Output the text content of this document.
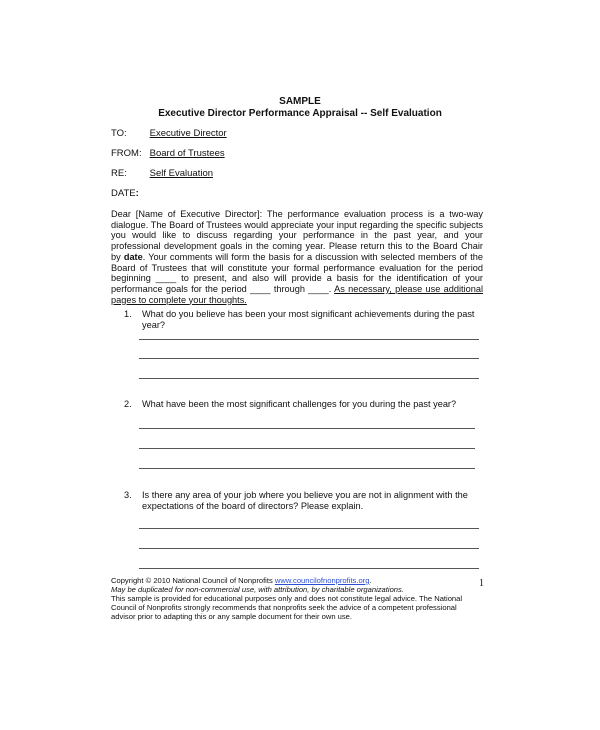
SAMPLE
Executive Director Performance Appraisal -- Self Evaluation
TO: Executive Director
FROM: Board of Trustees
RE: Self Evaluation
DATE:
Dear [Name of Executive Director]: The performance evaluation process is a two-way dialogue. The Board of Trustees would appreciate your input regarding the specific subjects you would like to discuss regarding your performance in the past year, and your professional development goals in the coming year. Please return this to the Board Chair by date. Your comments will form the basis for a discussion with selected members of the Board of Trustees that will constitute your formal performance evaluation for the period beginning ____ to present, and also will provide a basis for the identification of your performance goals for the period ____ through ____. As necessary, please use additional pages to complete your thoughts.
1. What do you believe has been your most significant achievements during the past year?
2. What have been the most significant challenges for you during the past year?
3. Is there any area of your job where you believe you are not in alignment with the expectations of the board of directors? Please explain.
Copyright © 2010 National Council of Nonprofits www.councilofnonprofits.org.
May be duplicated for non-commercial use, with attribution, by charitable organizations.
This sample is provided for educational purposes only and does not constitute legal advice. The National Council of Nonprofits strongly recommends that nonprofits seek the advice of a competent professional advisor prior to adapting this or any sample document for their own use.
1
